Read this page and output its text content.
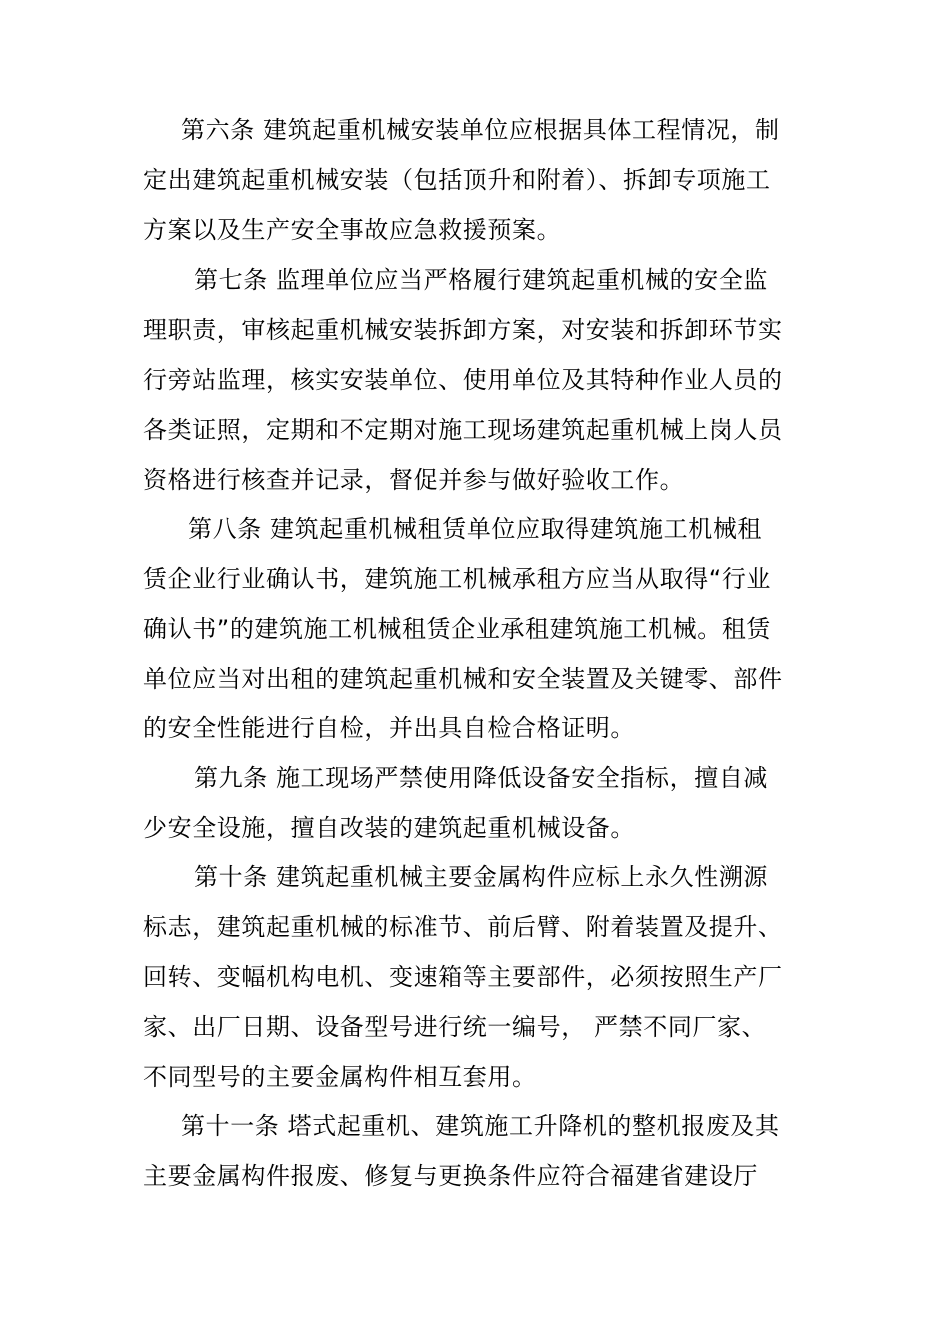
第六条 建筑起重机械安装单位应根据具体工程情况，制
定出建筑起重机械安装（包括顶升和附着）、拆卸专项施工
方案以及生产安全事故应急救援预案。
第七条 监理单位应当严格履行建筑起重机械的安全监
理职责，审核起重机械安装拆卸方案，对安装和拆卸环节实
行旁站监理，核实安装单位、使用单位及其特种作业人员的
各类证照，定期和不定期对施工现场建筑起重机械上岗人员
资格进行核查并记录，督促并参与做好验收工作。
第八条 建筑起重机械租赁单位应取得建筑施工机械租
赁企业行业确认书，建筑施工机械承租方应当从取得“行业
确认书”的建筑施工机械租赁企业承租建筑施工机械。租赁
单位应当对出租的建筑起重机械和安全装置及关键零、部件
的安全性能进行自检，并出具自检合格证明。
第九条 施工现场严禁使用降低设备安全指标，擅自减
少安全设施，擅自改装的建筑起重机械设备。
第十条 建筑起重机械主要金属构件应标上永久性溯源
标志，建筑起重机械的标准节、前后臂、附着装置及提升、
回转、变幅机构电机、变速箱等主要部件，必须按照生产厂
家、出厂日期、设备型号进行统一编号， 严禁不同厂家、
不同型号的主要金属构件相互套用。
第十一条 塔式起重机、建筑施工升降机的整机报废及其
主要金属构件报废、修复与更换条件应符合福建省建设厅
